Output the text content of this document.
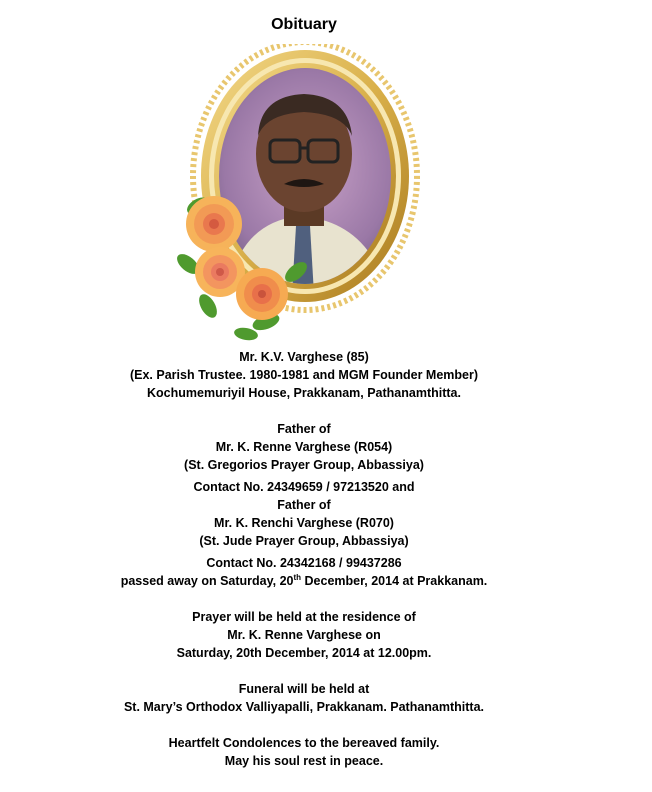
Obituary
Mr. K.V. Varghese (85)
(Ex. Parish Trustee. 1980-1981 and MGM Founder Member)
Kochumemuriyil House, Prakkanam, Pathanamthitta.
Father of
Mr. K. Renne Varghese (R054)
(St. Gregorios Prayer Group, Abbassiya)
Contact No. 24349659 / 97213520 and
Father of
Mr. K. Renchi Varghese (R070)
(St. Jude Prayer Group, Abbassiya)
Contact No. 24342168 / 99437286
passed away on Saturday, 20th December, 2014 at Prakkanam.
Prayer will be held at the residence of
Mr. K. Renne Varghese on
Saturday, 20th December, 2014 at 12.00pm.
Funeral will be held at
St. Mary’s Orthodox Valliyapalli, Prakkanam. Pathanamthitta.
Heartfelt Condolences to the bereaved family.
May his soul rest in peace.
